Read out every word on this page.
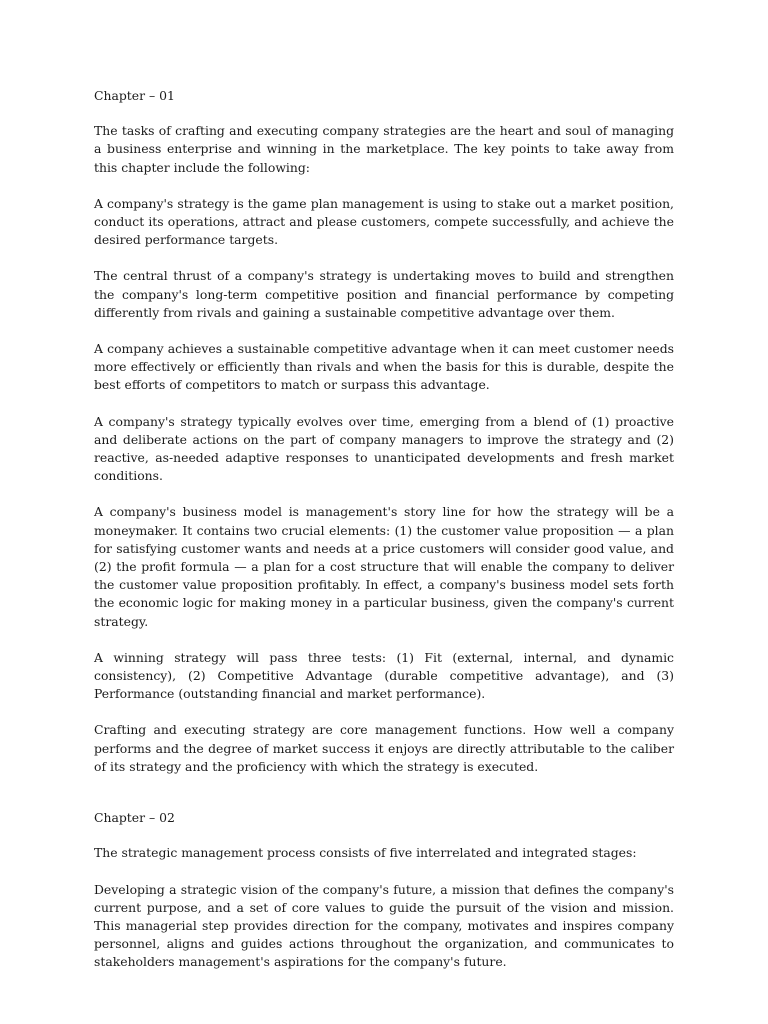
Chapter – 01

The tasks of crafting and executing company strategies are the heart and soul of managing a business enterprise and winning in the marketplace. The key points to take away from this chapter include the following:

A company's strategy is the game plan management is using to stake out a market position, conduct its operations, attract and please customers, compete successfully, and achieve the desired performance targets.

The central thrust of a company's strategy is undertaking moves to build and strengthen the company's long-term competitive position and financial performance by competing differently from rivals and gaining a sustainable competitive advantage over them.

A company achieves a sustainable competitive advantage when it can meet customer needs more effectively or efficiently than rivals and when the basis for this is durable, despite the best efforts of competitors to match or surpass this advantage.

A company's strategy typically evolves over time, emerging from a blend of (1) proactive and deliberate actions on the part of company managers to improve the strategy and (2) reactive, as-needed adaptive responses to unanticipated developments and fresh market conditions.

A company's business model is management's story line for how the strategy will be a moneymaker. It contains two crucial elements: (1) the customer value proposition — a plan for satisfying customer wants and needs at a price customers will consider good value, and (2) the profit formula — a plan for a cost structure that will enable the company to deliver the customer value proposition profitably. In effect, a company's business model sets forth the economic logic for making money in a particular business, given the company's current strategy.

A winning strategy will pass three tests: (1) Fit (external, internal, and dynamic consistency), (2) Competitive Advantage (durable competitive advantage), and (3) Performance (outstanding financial and market performance).

Crafting and executing strategy are core management functions. How well a company performs and the degree of market success it enjoys are directly attributable to the caliber of its strategy and the proficiency with which the strategy is executed.

Chapter – 02

The strategic management process consists of five interrelated and integrated stages:

Developing a strategic vision of the company's future, a mission that defines the company's current purpose, and a set of core values to guide the pursuit of the vision and mission. This managerial step provides direction for the company, motivates and inspires company personnel, aligns and guides actions throughout the organization, and communicates to stakeholders management's aspirations for the company's future.
